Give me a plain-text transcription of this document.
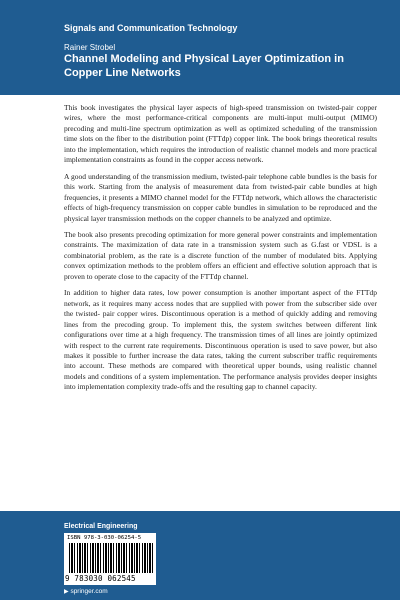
Signals and Communication Technology
Rainer Strobel
Channel Modeling and Physical Layer Optimization in Copper Line Networks

This book investigates the physical layer aspects of high-speed transmission on twisted-pair copper wires, where the most performance-critical components are multi-input multi-output (MIMO) precoding and multi-line spectrum optimization as well as optimized scheduling of the transmission time slots on the fiber to the distribution point (FTTdp) copper link. The book brings theoretical results into the implementation, which requires the introduction of realistic channel models and more practical implementation constraints as found in the copper access network.

A good understanding of the transmission medium, twisted-pair telephone cable bundles is the basis for this work. Starting from the analysis of measurement data from twisted-pair cable bundles at high frequencies, it presents a MIMO channel model for the FTTdp network, which allows the characteristic effects of high-frequency transmission on copper cable bundles in simulation to be reproduced and the physical layer transmission methods on the copper channels to be analyzed and optimize.

The book also presents precoding optimization for more general power constraints and implementation constraints. The maximization of data rate in a transmission system such as G.fast or VDSL is a combinatorial problem, as the rate is a discrete function of the number of modulated bits. Applying convex optimization methods to the problem offers an efficient and effective solution approach that is proven to operate close to the capacity of the FTTdp channel.

In addition to higher data rates, low power consumption is another important aspect of the FTTdp network, as it requires many access nodes that are supplied with power from the subscriber side over the twisted- pair copper wires. Discontinuous operation is a method of quickly adding and removing lines from the precoding group. To implement this, the system switches between different link configurations over time at a high frequency. The transmission times of all lines are jointly optimized with respect to the current rate requirements. Discontinuous operation is used to save power, but also makes it possible to further increase the data rates, taking the current subscriber traffic requirements into account. These methods are compared with theoretical upper bounds, using realistic channel models and conditions of a system implementation. The performance analysis provides deeper insights into implementation complexity trade-offs and the resulting gap to channel capacity.

Electrical Engineering
ISBN 978-3-030-06254-5
9 783030 062545
▶ springer.com
